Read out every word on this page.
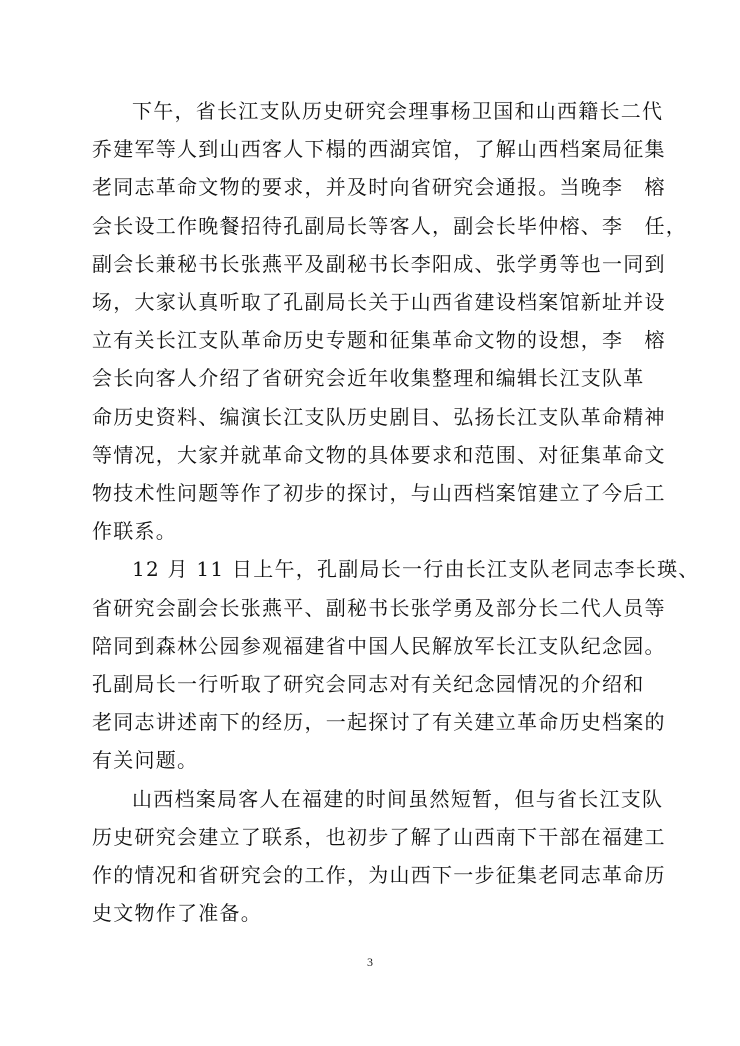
下午，省长江支队历史研究会理事杨卫国和山西籍长二代
乔建军等人到山西客人下榻的西湖宾馆，了解山西档案局征集
老同志革命文物的要求，并及时向省研究会通报。当晚李　榕
会长设工作晚餐招待孔副局长等客人，副会长毕仲榕、李　任，
副会长兼秘书长张燕平及副秘书长李阳成、张学勇等也一同到
场，大家认真听取了孔副局长关于山西省建设档案馆新址并设
立有关长江支队革命历史专题和征集革命文物的设想，李　榕
会长向客人介绍了省研究会近年收集整理和编辑长江支队革
命历史资料、编演长江支队历史剧目、弘扬长江支队革命精神
等情况，大家并就革命文物的具体要求和范围、对征集革命文
物技术性问题等作了初步的探讨，与山西档案馆建立了今后工
作联系。

12 月 11 日上午，孔副局长一行由长江支队老同志李长瑛、
省研究会副会长张燕平、副秘书长张学勇及部分长二代人员等
陪同到森林公园参观福建省中国人民解放军长江支队纪念园。
孔副局长一行听取了研究会同志对有关纪念园情况的介绍和
老同志讲述南下的经历，一起探讨了有关建立革命历史档案的
有关问题。

山西档案局客人在福建的时间虽然短暂，但与省长江支队
历史研究会建立了联系，也初步了解了山西南下干部在福建工
作的情况和省研究会的工作，为山西下一步征集老同志革命历
史文物作了准备。

3
